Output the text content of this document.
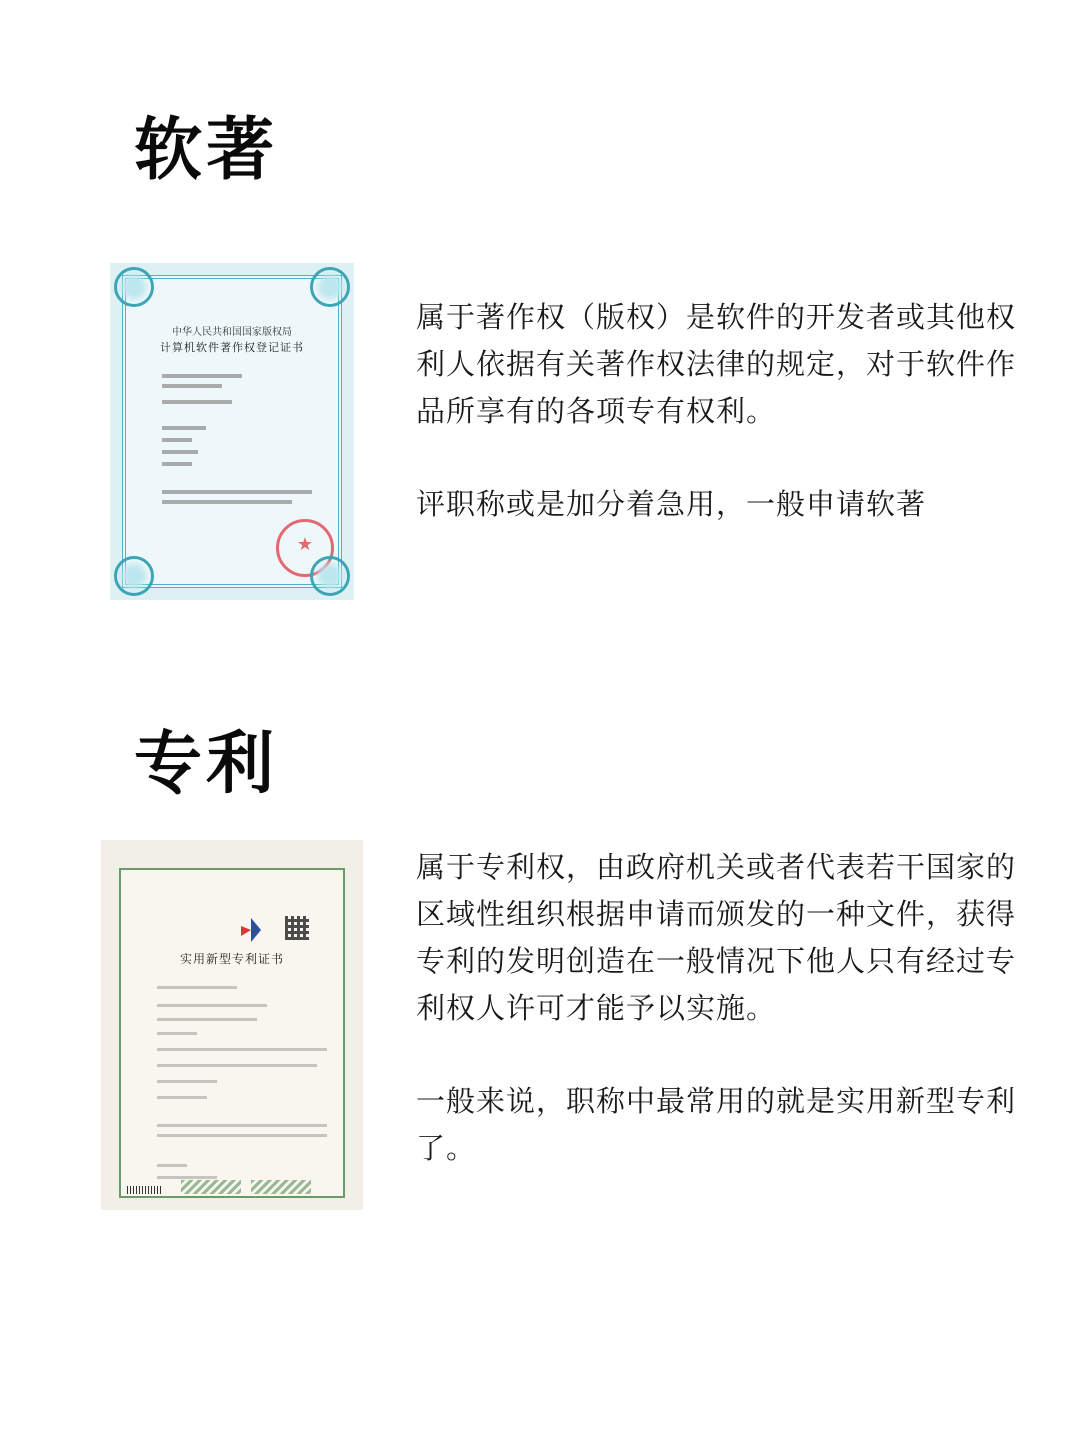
软著
中华人民共和国国家版权局
计算机软件著作权登记证书
★

属于著作权（版权）是软件的开发者或其他权利人依据有关著作权法律的规定，对于软件作品所享有的各项专有权利。

评职称或是加分着急用，一般申请软著

专利
实用新型专利证书

属于专利权，由政府机关或者代表若干国家的区域性组织根据申请而颁发的一种文件，获得专利的发明创造在一般情况下他人只有经过专利权人许可才能予以实施。

一般来说，职称中最常用的就是实用新型专利了。
